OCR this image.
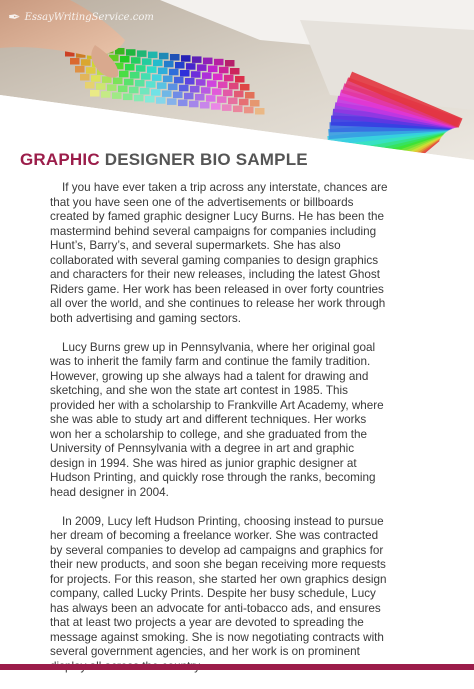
✒ EssayWritingService.com
GRAPHIC DESIGNER BIO SAMPLE
If you have ever taken a trip across any interstate, chances are
that you have seen one of the advertisements or billboards
created by famed graphic designer Lucy Burns. He has been the
mastermind behind several campaigns for companies including
Hunt’s, Barry’s, and several supermarkets. She has also
collaborated with several gaming companies to design graphics
and characters for their new releases, including the latest Ghost
Riders game. Her work has been released in over forty countries
all over the world, and she continues to release her work through
both advertising and gaming sectors.
Lucy Burns grew up in Pennsylvania, where her original goal
was to inherit the family farm and continue the family tradition.
However, growing up she always had a talent for drawing and
sketching, and she won the state art contest in 1985. This
provided her with a scholarship to Frankville Art Academy, where
she was able to study art and different techniques. Her works
won her a scholarship to college, and she graduated from the
University of Pennsylvania with a degree in art and graphic
design in 1994. She was hired as junior graphic designer at
Hudson Printing, and quickly rose through the ranks, becoming
head designer in 2004.
In 2009, Lucy left Hudson Printing, choosing instead to pursue
her dream of becoming a freelance worker. She was contracted
by several companies to develop ad campaigns and graphics for
their new products, and soon she began receiving more requests
for projects. For this reason, she started her own graphics design
company, called Lucky Prints. Despite her busy schedule, Lucy
has always been an advocate for anti-tobacco ads, and ensures
that at least two projects a year are devoted to spreading the
message against smoking. She is now negotiating contracts with
several government agencies, and her work is on prominent
